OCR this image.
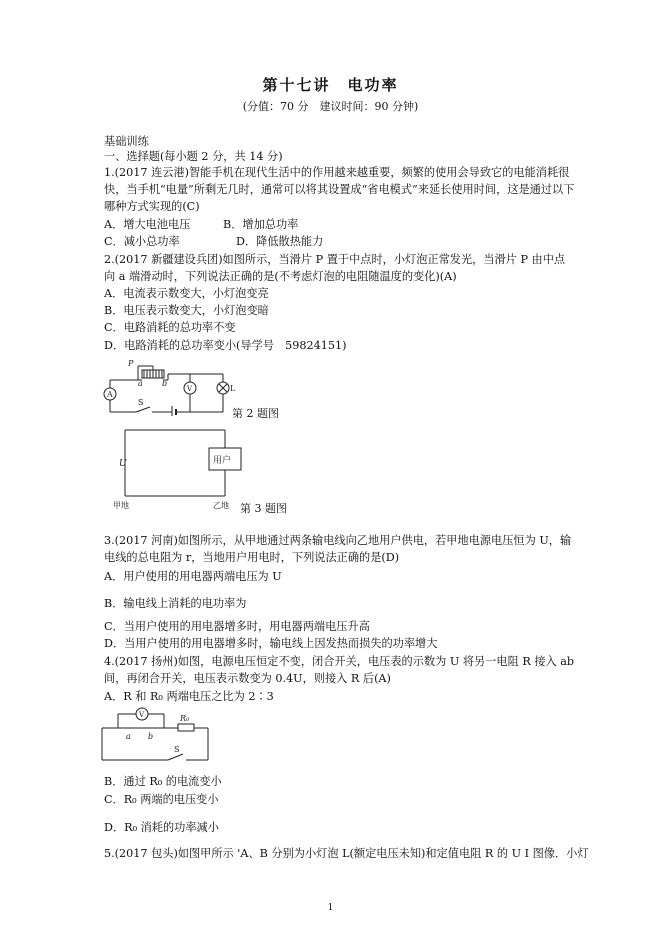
第十七讲　电功率
(分值：70 分　建议时间：90 分钟)
基础训练
一、选择题(每小题 2 分，共 14 分)
1.(2017 连云港)智能手机在现代生活中的作用越来越重要，频繁的使用会导致它的电能消耗很
快，当手机“电量”所剩无几时，通常可以将其设置成“省电模式”来延长使用时间，这是通过以下
哪种方式实现的(C)
A．增大电池电压	B．增加总功率
C．减小总功率	D．降低散热能力
2.(2017 新疆建设兵团)如图所示，当滑片 P 置于中点时，小灯泡正常发光，当滑片 P 由中点
向 a 端滑动时，下列说法正确的是(不考虑灯泡的电阻随温度的变化)(A)
A．电流表示数变大，小灯泡变亮
B．电压表示数变大，小灯泡变暗
C．电路消耗的总功率不变
D．电路消耗的总功率变小(导学号　59824151)
P
a b
A
V	L
S
第 2 题图
U	用户
甲地	乙地 第 3 题图
3.(2017 河南)如图所示，从甲地通过两条输电线向乙地用户供电，若甲地电源电压恒为 U，输
电线的总电阻为 r，当地用户用电时，下列说法正确的是(D)
A．用户使用的用电器两端电压为 U
B．输电线上消耗的电功率为
C．当用户使用的用电器增多时，用电器两端电压升高
D．当用户使用的用电器增多时，输电线上因发热而损失的功率增大
4.(2017 扬州)如图，电源电压恒定不变，闭合开关，电压表的示数为 U 将另一电阻 R 接入 ab
间，再闭合开关，电压表示数变为 0.4U，则接入 R 后(A)
A．R 和 R₀ 两端电压之比为 2∶3
V
a b
R₀
S
B．通过 R₀ 的电流变小
C．R₀ 两端的电压变小
D．R₀ 消耗的功率减小
5.(2017 包头)如图甲所示 'A、B 分别为小灯泡 L(额定电压未知)和定值电阻 R 的 U I 图像．小灯
1
